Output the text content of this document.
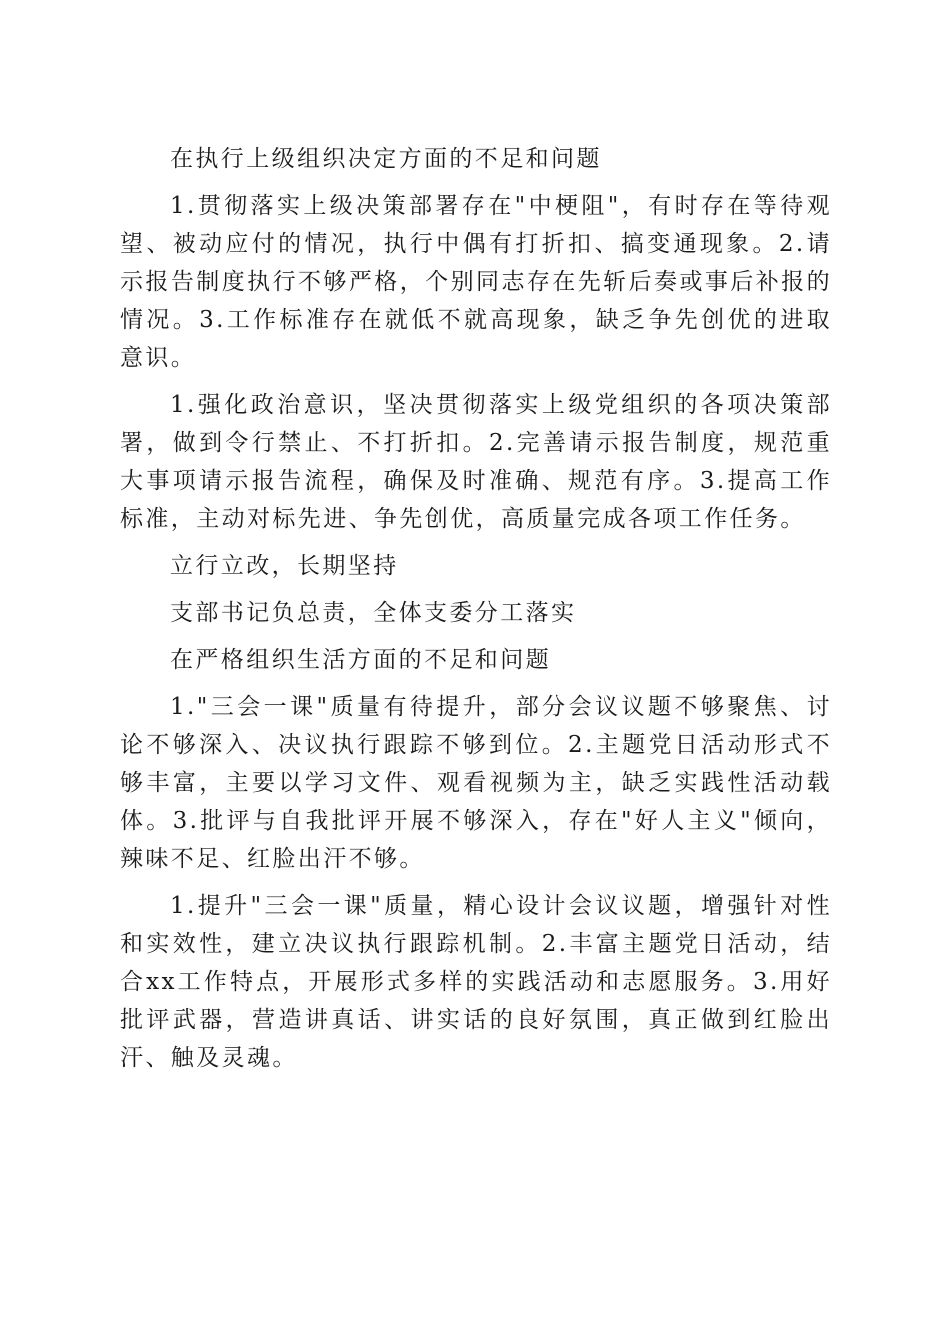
在执行上级组织决定方面的不足和问题

1.贯彻落实上级决策部署存在"中梗阻"，有时存在等待观望、被动应付的情况，执行中偶有打折扣、搞变通现象。2.请示报告制度执行不够严格，个别同志存在先斩后奏或事后补报的情况。3.工作标准存在就低不就高现象，缺乏争先创优的进取意识。

1.强化政治意识，坚决贯彻落实上级党组织的各项决策部署，做到令行禁止、不打折扣。2.完善请示报告制度，规范重大事项请示报告流程，确保及时准确、规范有序。3.提高工作标准，主动对标先进、争先创优，高质量完成各项工作任务。

立行立改，长期坚持

支部书记负总责，全体支委分工落实

在严格组织生活方面的不足和问题

1."三会一课"质量有待提升，部分会议议题不够聚焦、讨论不够深入、决议执行跟踪不够到位。2.主题党日活动形式不够丰富，主要以学习文件、观看视频为主，缺乏实践性活动载体。3.批评与自我批评开展不够深入，存在"好人主义"倾向，辣味不足、红脸出汗不够。

1.提升"三会一课"质量，精心设计会议议题，增强针对性和实效性，建立决议执行跟踪机制。2.丰富主题党日活动，结合xx工作特点，开展形式多样的实践活动和志愿服务。3.用好批评武器，营造讲真话、讲实话的良好氛围，真正做到红脸出汗、触及灵魂。
